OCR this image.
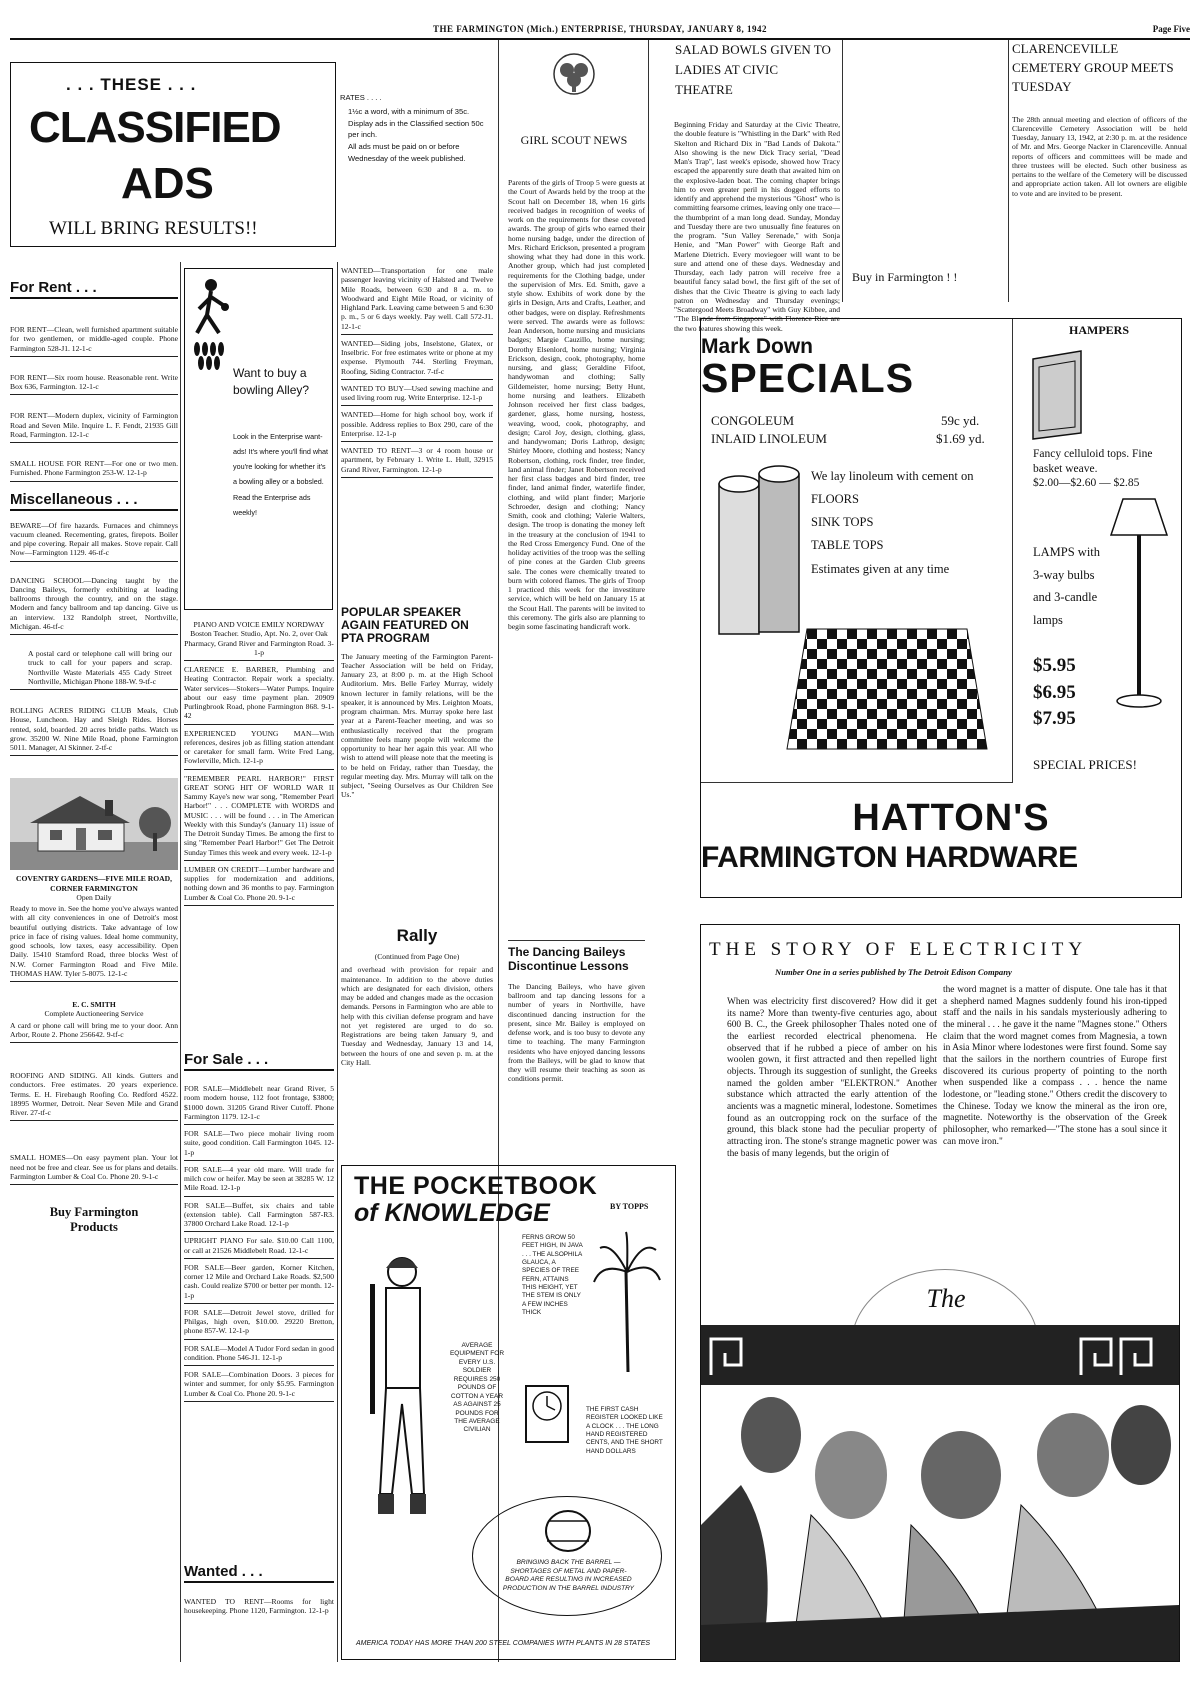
THE FARMINGTON (Mich.) ENTERPRISE, THURSDAY, JANUARY 8, 1942	Page Five
. . . THESE . . .
CLASSIFIED
ADS
WILL BRING RESULTS!!
RATES . . . .
1½c a word, with a minimum of 35c.
Display ads in the Classified section 50c per inch.
All ads must be paid on or before Wednesday of the week published.
For Rent . . .
FOR RENT—Clean, well furnished apartment suitable for two gentlemen, or middle-aged couple. Phone Farmington 528-J1. 12-1-c
FOR RENT—Six room house. Reasonable rent. Write Box 636, Farmington. 12-1-c
FOR RENT—Modern duplex, vicinity of Farmington Road and Seven Mile. Inquire L. F. Fendt, 21935 Gill Road, Farmington. 12-1-c
SMALL HOUSE FOR RENT—For one or two men. Furnished. Phone Farmington 253-W. 12-1-p
Miscellaneous . . .
BEWARE—Of fire hazards. Furnaces and chimneys vacuum cleaned. Recementing, grates, firepots. Boiler and pipe covering. Repair all makes. Stove repair. Call Now—Farmington 1129. 46-tf-c
DANCING SCHOOL—Dancing taught by the Dancing Baileys, formerly exhibiting at leading ballrooms through the country, and on the stage. Modern and fancy ballroom and tap dancing. Give us an interview. 132 Randolph street, Northville, Michigan. 46-tf-c
A postal card or telephone call will bring our truck to call for your papers and scrap. Northville Waste Materials 455 Cady Street Northville, Michigan Phone 188-W. 9-tf-c
ROLLING ACRES RIDING CLUB Meals, Club House, Luncheon. Hay and Sleigh Rides. Horses rented, sold, boarded. 20 acres bridle paths. Watch us grow. 35200 W. Nine Mile Road, phone Farmington 5011. Manager, Al Skinner. 2-tf-c
COVENTRY GARDENS—FIVE MILE ROAD, CORNER FARMINGTON
Open Daily
Ready to move in. See the home you've always wanted with all city conveniences in one of Detroit's most beautiful outlying districts. Take advantage of low price in face of rising values. Ideal home community, good schools, low taxes, easy accessibility. Open Daily. 15410 Stamford Road, three blocks West of N.W. Corner Farmington Road and Five Mile. THOMAS HAW. Tyler 5-8075. 12-1-c
E. C. SMITH
Complete Auctioneering Service
A card or phone call will bring me to your door. Ann Arbor, Route 2. Phone 256642. 9-tf-c
ROOFING AND SIDING. All kinds. Gutters and conductors. Free estimates. 20 years experience. Terms. E. H. Firebaugh Roofing Co. Redford 4522. 18995 Wormer, Detroit. Near Seven Mile and Grand River. 27-tf-c
SMALL HOMES—On easy payment plan. Your lot need not be free and clear. See us for plans and details. Farmington Lumber & Coal Co. Phone 20. 9-1-c
Buy Farmington Products
Want to buy a
bowling Alley?
Look in the Enterprise want-ads! It's where you'll find what you're looking for whether it's a bowling alley or a bobsled. Read the Enterprise ads weekly!
PIANO AND VOICE EMILY NORDWAY Boston Teacher. Studio, Apt. No. 2, over Oak Pharmacy, Grand River and Farmington Road. 3-1-p
CLARENCE E. BARBER, Plumbing and Heating Contractor. Repair work a specialty. Water services—Stokers—Water Pumps. Inquire about our easy time payment plan. 20909 Purlingbrook Road, phone Farmington 868. 9-1-42
EXPERIENCED YOUNG MAN—With references, desires job as filling station attendant or caretaker for small farm. Write Fred Lang, Fowlerville, Mich. 12-1-p
"REMEMBER PEARL HARBOR!" FIRST GREAT SONG HIT OF WORLD WAR II Sammy Kaye's new war song, "Remember Pearl Harbor!" . . . COMPLETE with WORDS and MUSIC . . . will be found . . . in The American Weekly with this Sunday's (January 11) issue of The Detroit Sunday Times. Be among the first to sing "Remember Pearl Harbor!" Get The Detroit Sunday Times this week and every week. 12-1-p
LUMBER ON CREDIT—Lumber hardware and supplies for modernization and additions, nothing down and 36 months to pay. Farmington Lumber & Coal Co. Phone 20. 9-1-c
WANTED—Transportation for one male passenger leaving vicinity of Halsted and Twelve Mile Roads, between 6:30 and 8 a. m. to Woodward and Eight Mile Road, or vicinity of Highland Park. Leaving came between 5 and 6:30 p. m., 5 or 6 days weekly. Pay well. Call 572-J1. 12-1-c
WANTED—Siding jobs, Inselstone, Glatex, or Inselbric. For free estimates write or phone at my expense. Plymouth 744. Sterling Freyman, Roofing, Siding Contractor. 7-tf-c
WANTED TO BUY—Used sewing machine and used living room rug. Write Enterprise. 12-1-p
WANTED—Home for high school boy, work if possible. Address replies to Box 290, care of the Enterprise. 12-1-p
WANTED TO RENT—3 or 4 room house or apartment, by February 1. Write L. Hull, 32915 Grand River, Farmington. 12-1-p
POPULAR SPEAKER AGAIN FEATURED ON PTA PROGRAM
The January meeting of the Farmington Parent-Teacher Association will be held on Friday, January 23, at 8:00 p. m. at the High School Auditorium. Mrs. Belle Farley Murray, widely known lecturer in family relations, will be the speaker, it is announced by Mrs. Leighton Moats, program chairman. Mrs. Murray spoke here last year at a Parent-Teacher meeting, and was so enthusiastically received that the program committee feels many people will welcome the opportunity to hear her again this year. All who wish to attend will please note that the meeting is to be held on Friday, rather than Tuesday, the regular meeting day. Mrs. Murray will talk on the subject, "Seeing Ourselves as Our Children See Us."
Rally
(Continued from Page One)
and overhead with provision for repair and maintenance. In addition to the above duties which are designated for each division, others may be added and changes made as the occasion demands. Persons in Farmington who are able to help with this civilian defense program and have not yet registered are urged to do so. Registrations are being taken January 9, and Tuesday and Wednesday, January 13 and 14, between the hours of one and seven p. m. at the City Hall.
For Sale . . .
FOR SALE—Middlebelt near Grand River, 5 room modern house, 112 foot frontage, $3800; $1000 down. 31205 Grand River Cutoff. Phone Farmington 1179. 12-1-c
FOR SALE—Two piece mohair living room suite, good condition. Call Farmington 1045. 12-1-p
FOR SALE—4 year old mare. Will trade for milch cow or heifer. May be seen at 38285 W. 12 Mile Road. 12-1-p
FOR SALE—Buffet, six chairs and table (extension table). Call Farmington 587-R3. 37800 Orchard Lake Road. 12-1-p
UPRIGHT PIANO For sale. $10.00 Call 1100, or call at 21526 Middlebelt Road. 12-1-c
FOR SALE—Beer garden, Korner Kitchen, corner 12 Mile and Orchard Lake Roads. $2,500 cash. Could realize $700 or better per month. 12-1-p
FOR SALE—Detroit Jewel stove, drilled for Philgas, high oven, $10.00. 29220 Bretton, phone 857-W. 12-1-p
FOR SALE—Model A Tudor Ford sedan in good condition. Phone 546-J1. 12-1-p
FOR SALE—Combination Doors. 3 pieces for winter and summer, for only $5.95. Farmington Lumber & Coal Co. Phone 20. 9-1-c
Wanted . . .
WANTED TO RENT—Rooms for light housekeeping. Phone 1120, Farmington. 12-1-p
GIRL SCOUT NEWS
Parents of the girls of Troop 5 were guests at the Court of Awards held by the troop at the Scout hall on December 18, when 16 girls received badges in recognition of weeks of work on the requirements for these coveted awards. The group of girls who earned their home nursing badge, under the direction of Mrs. Richard Erickson, presented a program showing what they had done in this work. Another group, which had just completed requirements for the Clothing badge, under the supervision of Mrs. Ed. Smith, gave a style show. Exhibits of work done by the girls in Design, Arts and Crafts, Leather, and other badges, were on display. Refreshments were served. The awards were as follows: Jean Anderson, home nursing and musicians badges; Margie Cauzillo, home nursing; Dorothy Elsenlord, home nursing; Virginia Erickson, design, cook, photography, home nursing, and glass; Geraldine Fifoot, handywoman and clothing; Sally Gildemeister, home nursing; Betty Hunt, home nursing and leathers. Elizabeth Johnson received her first class badges, gardener, glass, home nursing, hostess, weaving, wood, cook, photography, and design; Carol Joy, design, clothing, glass, and handywoman; Doris Lathrop, design; Shirley Moore, clothing and hostess; Nancy Robertson, clothing, rock finder, tree finder, land animal finder; Janet Robertson received her first class badges and bird finder, tree finder, land animal finder, waterlife finder, clothing, and wild plant finder; Marjorie Schroeder, design and clothing; Nancy Smith, cook and clothing; Valerie Walters, design. The troop is donating the money left in the treasury at the conclusion of 1941 to the Red Cross Emergency Fund. One of the holiday activities of the troop was the selling of pine cones at the Garden Club greens sale. The cones were chemically treated to burn with colored flames. The girls of Troop 1 practiced this week for the investiture service, which will be held on January 15 at the Scout Hall. The parents will be invited to this ceremony. The girls also are planning to begin some fascinating handicraft work.
The Dancing Baileys Discontinue Lessons
The Dancing Baileys, who have given ballroom and tap dancing lessons for a number of years in Northville, have discontinued dancing instruction for the present, since Mr. Bailey is employed on defense work, and is too busy to devote any time to teaching. The many Farmington residents who have enjoyed dancing lessons from the Baileys, will be glad to know that they will resume their teaching as soon as conditions permit.
THE POCKETBOOK
of KNOWLEDGE	BY TOPPS
AVERAGE EQUIPMENT FOR EVERY U.S. SOLDIER REQUIRES 250 POUNDS OF COTTON A YEAR AS AGAINST 25 POUNDS FOR THE AVERAGE CIVILIAN
FERNS GROW 50 FEET HIGH, IN JAVA . . . THE ALSOPHILA GLAUCA, A SPECIES OF TREE FERN, ATTAINS THIS HEIGHT, YET THE STEM IS ONLY A FEW INCHES THICK
THE FIRST CASH REGISTER LOOKED LIKE A CLOCK . . . THE LONG HAND REGISTERED CENTS, AND THE SHORT HAND DOLLARS
BRINGING BACK THE BARREL — SHORTAGES OF METAL AND PAPER-BOARD ARE RESULTING IN INCREASED PRODUCTION IN THE BARREL INDUSTRY
AMERICA TODAY HAS MORE THAN 200 STEEL COMPANIES WITH PLANTS IN 28 STATES
SALAD BOWLS GIVEN TO LADIES AT CIVIC THEATRE
Beginning Friday and Saturday at the Civic Theatre, the double feature is "Whistling in the Dark" with Red Skelton and Richard Dix in "Bad Lands of Dakota." Also showing is the new Dick Tracy serial, "Dead Man's Trap", last week's episode, showed how Tracy escaped the apparently sure death that awaited him on the explosive-laden boat. The coming chapter brings him to even greater peril in his dogged efforts to identify and apprehend the mysterious "Ghost" who is committing fearsome crimes, leaving only one trace—the thumbprint of a man long dead. Sunday, Monday and Tuesday there are two unusually fine features on the program. "Sun Valley Serenade," with Sonja Henie, and "Man Power" with George Raft and Marlene Dietrich. Every moviegoer will want to be sure and attend one of these days. Wednesday and Thursday, each lady patron will receive free a beautiful fancy salad bowl, the first gift of the set of dishes that the Civic Theatre is giving to each lady patron on Wednesday and Thursday evenings; "Scattergood Meets Broadway" with Guy Kibbee, and "The Blonde from Singapore" with Florence Rice are the two features showing this week.
Buy in Farmington ! !
CLARENCEVILLE CEMETERY GROUP MEETS TUESDAY
The 28th annual meeting and election of officers of the Clarenceville Cemetery Association will be held Tuesday, January 13, 1942, at 2:30 p. m. at the residence of Mr. and Mrs. George Nacker in Clarenceville. Annual reports of officers and committees will be made and three trustees will be elected. Such other business as pertains to the welfare of the Cemetery will be discussed and appropriate action taken. All lot owners are eligible to vote and are invited to be present.
Mark Down
SPECIALS
CONGOLEUM	59c yd.
INLAID LINOLEUM	$1.69 yd.
We lay linoleum with cement on
FLOORS
SINK TOPS
TABLE TOPS
Estimates given at any time
HAMPERS
Fancy celluloid tops. Fine basket weave.
$2.00—$2.60 — $2.85
LAMPS with 3-way bulbs and 3-candle lamps
$5.95
$6.95
$7.95
SPECIAL PRICES!
HATTON'S
FARMINGTON HARDWARE
THE STORY OF ELECTRICITY
Number One in a series published by The Detroit Edison Company
When was electricity first discovered? How did it get its name? More than twenty-five centuries ago, about 600 B. C., the Greek philosopher Thales noted one of the earliest recorded electrical phenomena. He observed that if he rubbed a piece of amber on his woolen gown, it first attracted and then repelled light objects. Through its suggestion of sunlight, the Greeks named the golden amber "ELEKTRON." Another substance which attracted the early attention of the ancients was a magnetic mineral, lodestone. Sometimes found as an outcropping rock on the surface of the ground, this black stone had the peculiar property of attracting iron. The stone's strange magnetic power was the basis of many legends, but the origin of
the word magnet is a matter of dispute. One tale has it that a shepherd named Magnes suddenly found his iron-tipped staff and the nails in his sandals mysteriously adhering to the mineral . . . he gave it the name "Magnes stone." Others claim that the word magnet comes from Magnesia, a town in Asia Minor where lodestones were first found. Some say that the sailors in the northern countries of Europe first discovered its curious property of pointing to the north when suspended like a compass . . . hence the name lodestone, or "leading stone." Others credit the discovery to the Chinese. Today we know the mineral as the iron ore, magnetite. Noteworthy is the observation of the Greek philosopher, who remarked—"The stone has a soul since it can move iron."
The
